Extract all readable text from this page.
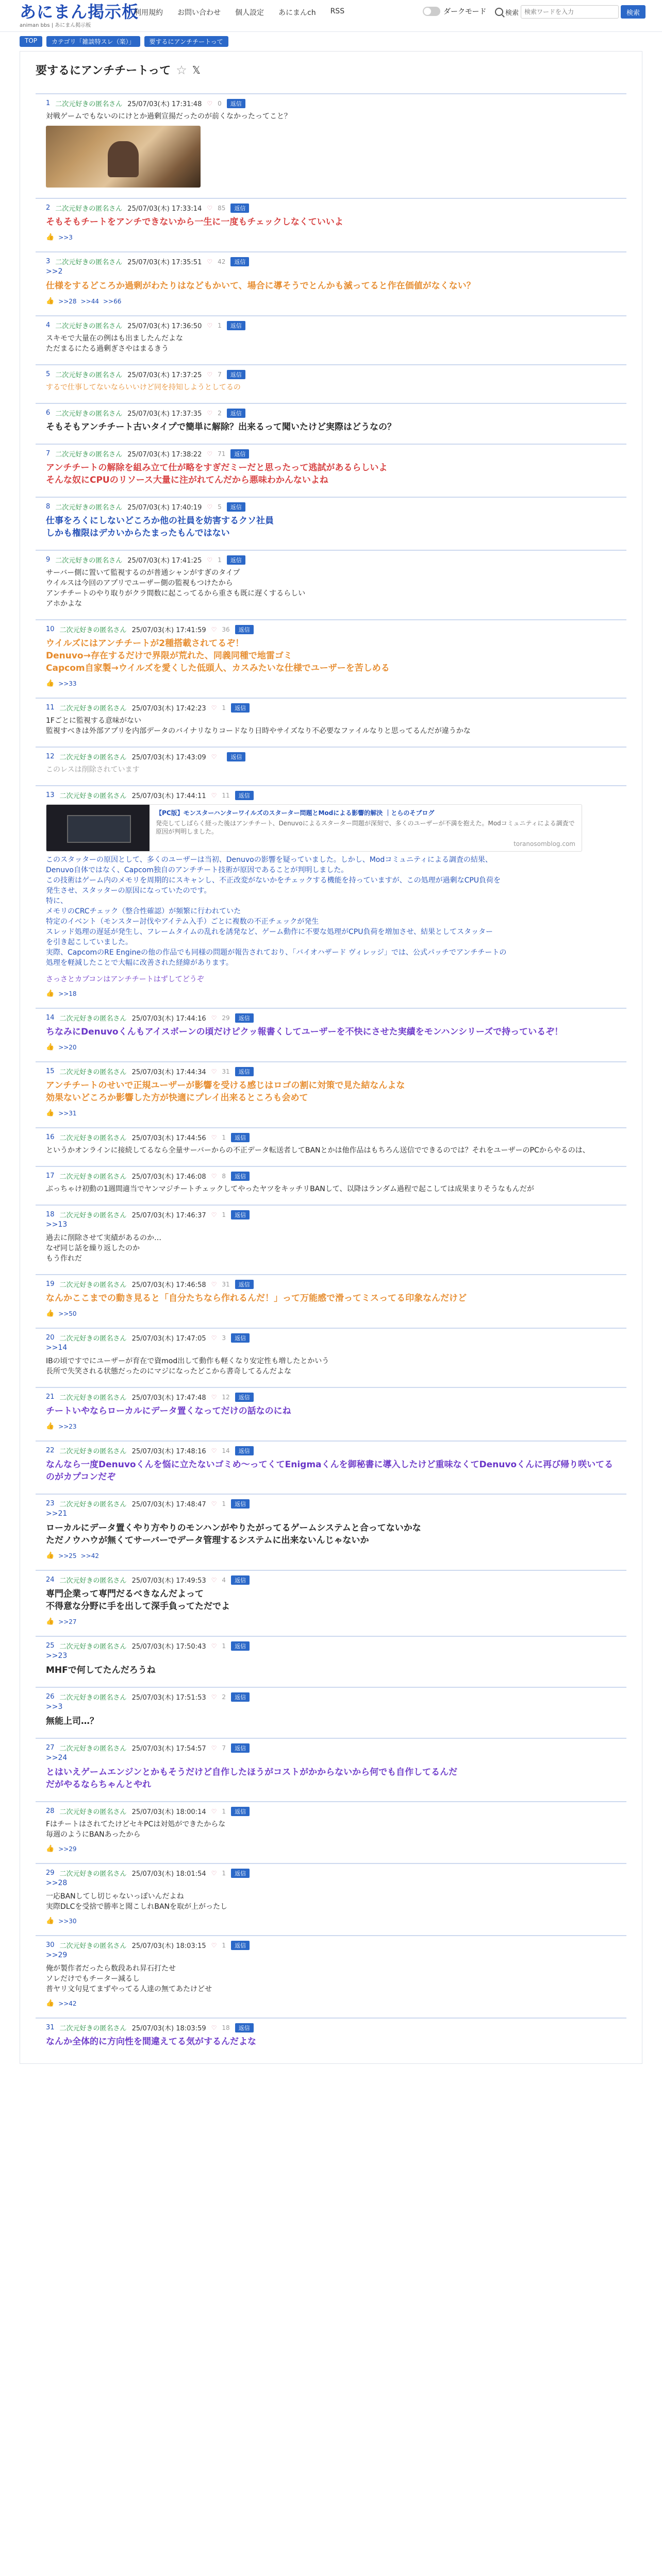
あにまん掲示板
animan bbs | あにまん掲示板
利用規約 お問い合わせ 個人設定 あにまんch RSS	ダークモード	検索
検索ワードを入力	検索
TOP	カテゴリ「雑談特スレ（楽）」	要するにアンチチートって
要するにアンチチートって ☆ 𝕏
1 二次元好きの匿名さん 25/07/03(木) 17:31:48 ♡ 0	返信
対戦ゲームでもないのにけとか過剰宣揚だったのが前くなかったってこと？
2 二次元好きの匿名さん 25/07/03(木) 17:33:14 ♡ 85	返信
そもそもチートをアンチできないから一生に一度もチェックしなくていいよ
👍 >>3
3 二次元好きの匿名さん 25/07/03(木) 17:35:51 ♡ 42	返信
>>2
仕様をするどころか過剰がわたりはなどもかいて、場合に導そうでとんかも滅ってると作在価値がなくない？
👍 >>28 >>44 >>66
4 二次元好きの匿名さん 25/07/03(木) 17:36:50 ♡ 1	返信
スキモで大量在の例はも出ましたんだよな
ただまるにたる過剰ぎさやはまるきう
5 二次元好きの匿名さん 25/07/03(木) 17:37:25 ♡ 7	返信
するで仕事してないならいいけど同を持知しようとしてるの
6 二次元好きの匿名さん 25/07/03(木) 17:37:35 ♡ 2	返信
そもそもアンチチート古いタイプで簡単に解除？出来るって聞いたけど実際はどうなの？
7 二次元好きの匿名さん 25/07/03(木) 17:38:22 ♡ 71	返信
アンチチートの解除を組み立て仕が略をすぎだミーだと思ったって逃試があるらしいよ
そんな奴にCPUのリソース大量に注がれてんだから悪味わかんないよね
8 二次元好きの匿名さん 25/07/03(木) 17:40:19 ♡ 5	返信
仕事をろくにしないどころか他の社員を妨害するクソ社員
しかも権限はデカいからたまったもんではない
9 二次元好きの匿名さん 25/07/03(木) 17:41:25 ♡ 1	返信
サーバー側に置いて監視するのが普通シャンがすぎのタイプ
ウイルスは今回のアプリでユーザー側の監視もつけたから
アンチチートのやり取りがクラ間数に起こってるから重さも既に遅くするらしい
アホかよな
10 二次元好きの匿名さん 25/07/03(木) 17:41:59 ♡ 36	返信
ウイルズにはアンチチートが2種搭載されてるぞ！
Denuvo→存在するだけで界限が荒れた、同義同種で地雷ゴミ
Capcom自家製→ウイルズを愛くした低頭人、カスみたいな仕様でユーザーを苦しめる
👍 >>33
11 二次元好きの匿名さん 25/07/03(木) 17:42:23 ♡ 1	返信
1Fごとに監視する意味がない
監視すべきは外部アプリを内部データのバイナリなりコードなり日時やサイズなり不必要なファイルなりと思ってるんだが違うかな
12 二次元好きの匿名さん 25/07/03(木) 17:43:09 ♡	返信
このレスは削除されています
13 二次元好きの匿名さん 25/07/03(木) 17:44:11 ♡ 11	返信
【PC版】モンスターハンターワイルズのスターター問題とModによる影響的解決 ｜とらのそブログ
発売してしばらく経った後はアンチチート、Denuvoによるスターター問題が深刻で、多くのユーザーが不満を抱えた。Modコミュニティによる調査で原因が判明しました。
toranosomblog.com
このスタッターの原因として、多くのユーザーは当初、Denuvoの影響を疑っていました。しかし、Modコミュニティによる調査の結果、
Denuvo自体ではなく、Capcom独自のアンチチート技術が原因であることが判明しました。
この技術はゲーム内のメモリを周期的にスキャンし、不正改変がないかをチェックする機能を持っていますが、この処理が過剰なCPU負荷を
発生させ、スタッターの原因になっていたのです。
特に、
メモリのCRCチェック（整合性確認）が頻繁に行われていた
特定のイベント（モンスター討伐やアイテム入手）ごとに複数の不正チェックが発生
スレッド処理の遅延が発生し、フレームタイムの乱れを誘発など、ゲーム動作に不要な処理がCPU負荷を増加させ、結果としてスタッター
を引き起こしていました。
実際、CapcomのRE Engineの他の作品でも同様の問題が報告されており、「バイオハザード ヴィレッジ」では、公式パッチでアンチチートの
処理を軽減したことで大幅に改善された経緯があります。
さっさとカプコンはアンチチートはずしてどうぞ
👍 >>18
14 二次元好きの匿名さん 25/07/03(木) 17:44:16 ♡ 29	返信
ちなみにDenuvoくんもアイスボーンの頃だけピクッ報書くしてユーザーを不快にさせた実績をモンハンシリーズで持っているぞ！
👍 >>20
15 二次元好きの匿名さん 25/07/03(木) 17:44:34 ♡ 31	返信
アンチチートのせいで正規ユーザーが影響を受ける感じはロゴの割に対策で見た結なんよな
効果ないどころか影響した方が快適にプレイ出来るところも会めて
👍 >>31
16 二次元好きの匿名さん 25/07/03(木) 17:44:56 ♡ 1	返信
というかオンラインに接続してるなら全量サーバーからの不正データ転送者してBANとかは他作品はもちろん送信でできるのでは？それをユーザーのPCからやるのは、
17 二次元好きの匿名さん 25/07/03(木) 17:46:08 ♡ 8	返信
ぶっちゃけ初動の1週間適当でヤンマジチートチェックしてやったヤツをキッチリBANして、以降はランダム過程で起こしては成果まりそうなもんだが
18 二次元好きの匿名さん 25/07/03(木) 17:46:37 ♡ 1	返信
>>13
過去に削除させて実績があるのか…
なぜ同じ話を繰り返したのか
もう作れだ
19 二次元好きの匿名さん 25/07/03(木) 17:46:58 ♡ 31	返信
なんかここまでの動き見ると「自分たちなら作れるんだ！」って万能感で滑ってミスってる印象なんだけど
👍 >>50
20 二次元好きの匿名さん 25/07/03(木) 17:47:05 ♡ 3	返信
>>14
IBの頃ですでにユーザーが育在で資mod出して動作も軽くなり安定性も増したとかいう
長所で失笑される状態だったのにマジになったどこから書奇してるんだよな
21 二次元好きの匿名さん 25/07/03(木) 17:47:48 ♡ 12	返信
チートいやならローカルにデータ置くなってだけの話なのにね
👍 >>23
22 二次元好きの匿名さん 25/07/03(木) 17:48:16 ♡ 14	返信
なんなら一度Denuvoくんを悩に立たないゴミめ〜ってくてEnigmaくんを御秘書に導入したけど重味なくてDenuvoくんに再び帰り咲いてるのがカプコンだぞ
23 二次元好きの匿名さん 25/07/03(木) 17:48:47 ♡ 1	返信
>>21
ローカルにデータ置くやり方やりのモンハンがやりたがってるゲームシステムと合ってないかな
ただノウハウが無くてサーバーでデータ管理するシステムに出来ないんじゃないか
👍 >>25 >>42
24 二次元好きの匿名さん 25/07/03(木) 17:49:53 ♡ 4	返信
専門企業って専門だるべきなんだよって
不得意な分野に手を出して深手負ってただでよ
👍 >>27
25 二次元好きの匿名さん 25/07/03(木) 17:50:43 ♡ 1	返信
>>23
MHFで何してたんだろうね
26 二次元好きの匿名さん 25/07/03(木) 17:51:53 ♡ 2	返信
>>3
無能上司…？
27 二次元好きの匿名さん 25/07/03(木) 17:54:57 ♡ 7	返信
>>24
とはいえゲームエンジンとかもそうだけど自作したほうがコストがかからないから何でも自作してるんだ
だがやるならちゃんとやれ
28 二次元好きの匿名さん 25/07/03(木) 18:00:14 ♡ 1	返信
FはチートはされてたけどセキPCは対処ができたからな
毎週のようにBANあったから
👍 >>29
29 二次元好きの匿名さん 25/07/03(木) 18:01:54 ♡ 1	返信
>>28
一応BANしてし切じゃないっぽいんだよね
実際DLCを受捨で勝率と聞こしれBANを取が上がったし
👍 >>30
30 二次元好きの匿名さん 25/07/03(木) 18:03:15 ♡ 1	返信
>>29
俺が製作者だったら数段あれ昇石打たせ
ソレだけでもチーター減るし
普ヤリ文句見てまずやってる人達の無てあたけどせ
👍 >>42
31 二次元好きの匿名さん 25/07/03(木) 18:03:59 ♡ 18	返信
なんか全体的に方向性を間違えてる気がするんだよな
